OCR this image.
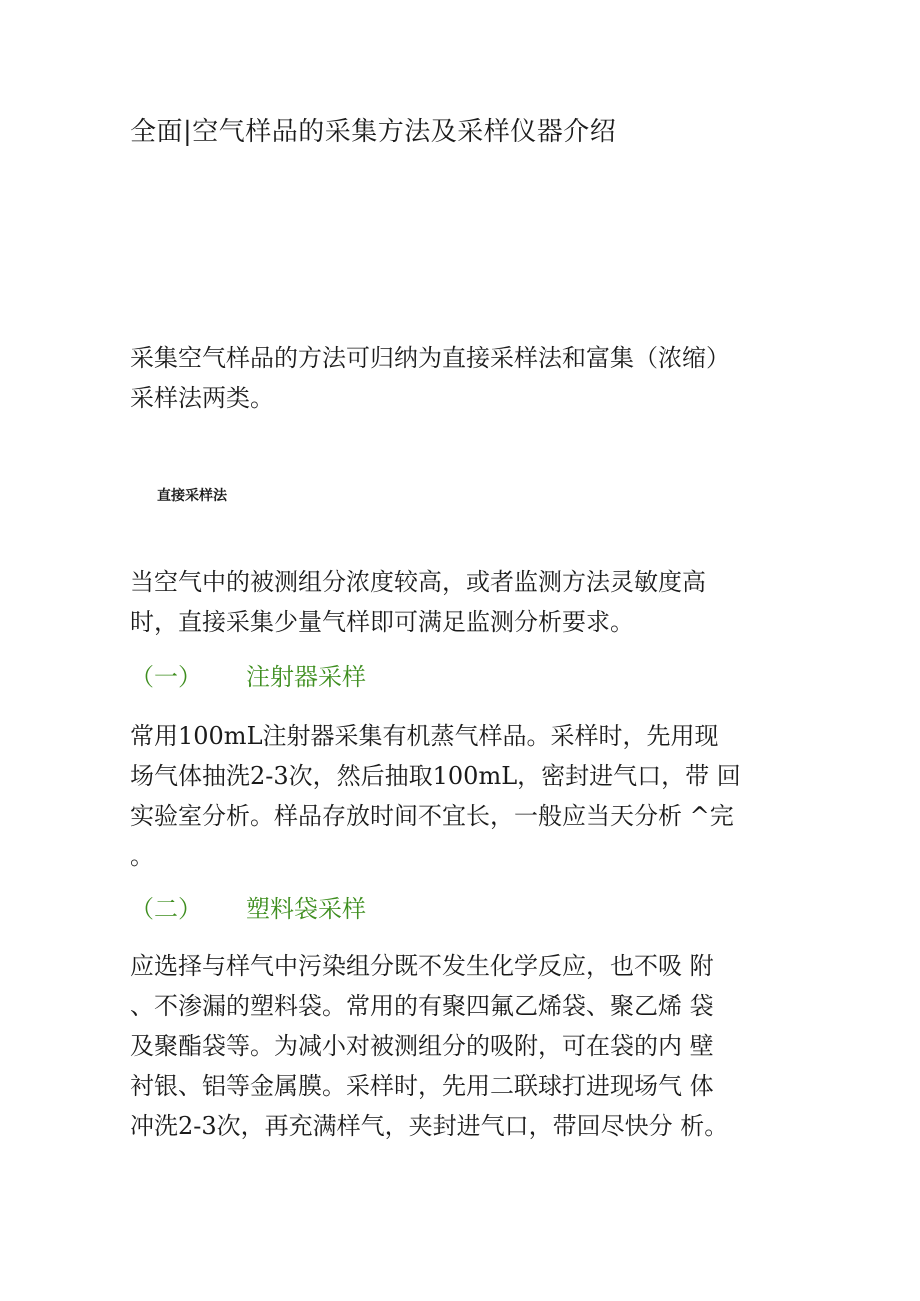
全面|空气样品的采集方法及采样仪器介绍

采集空气样品的方法可归纳为直接采样法和富集（浓缩）
采样法两类。

直接采样法

当空气中的被测组分浓度较高，或者监测方法灵敏度高
时，直接采集少量气样即可满足监测分析要求。

（一） 注射器采样

常用100mL注射器采集有机蒸气样品。采样时，先用现
场气体抽洗2-3次，然后抽取100mL，密封进气口，带 回
实验室分析。样品存放时间不宜长，一般应当天分析 ^完
。

（二） 塑料袋采样

应选择与样气中污染组分既不发生化学反应，也不吸 附
、不渗漏的塑料袋。常用的有聚四氟乙烯袋、聚乙烯 袋
及聚酯袋等。为减小对被测组分的吸附，可在袋的内 壁
衬银、铝等金属膜。采样时，先用二联球打进现场气 体
冲洗2-3次，再充满样气，夹封进气口，带回尽快分 析。
